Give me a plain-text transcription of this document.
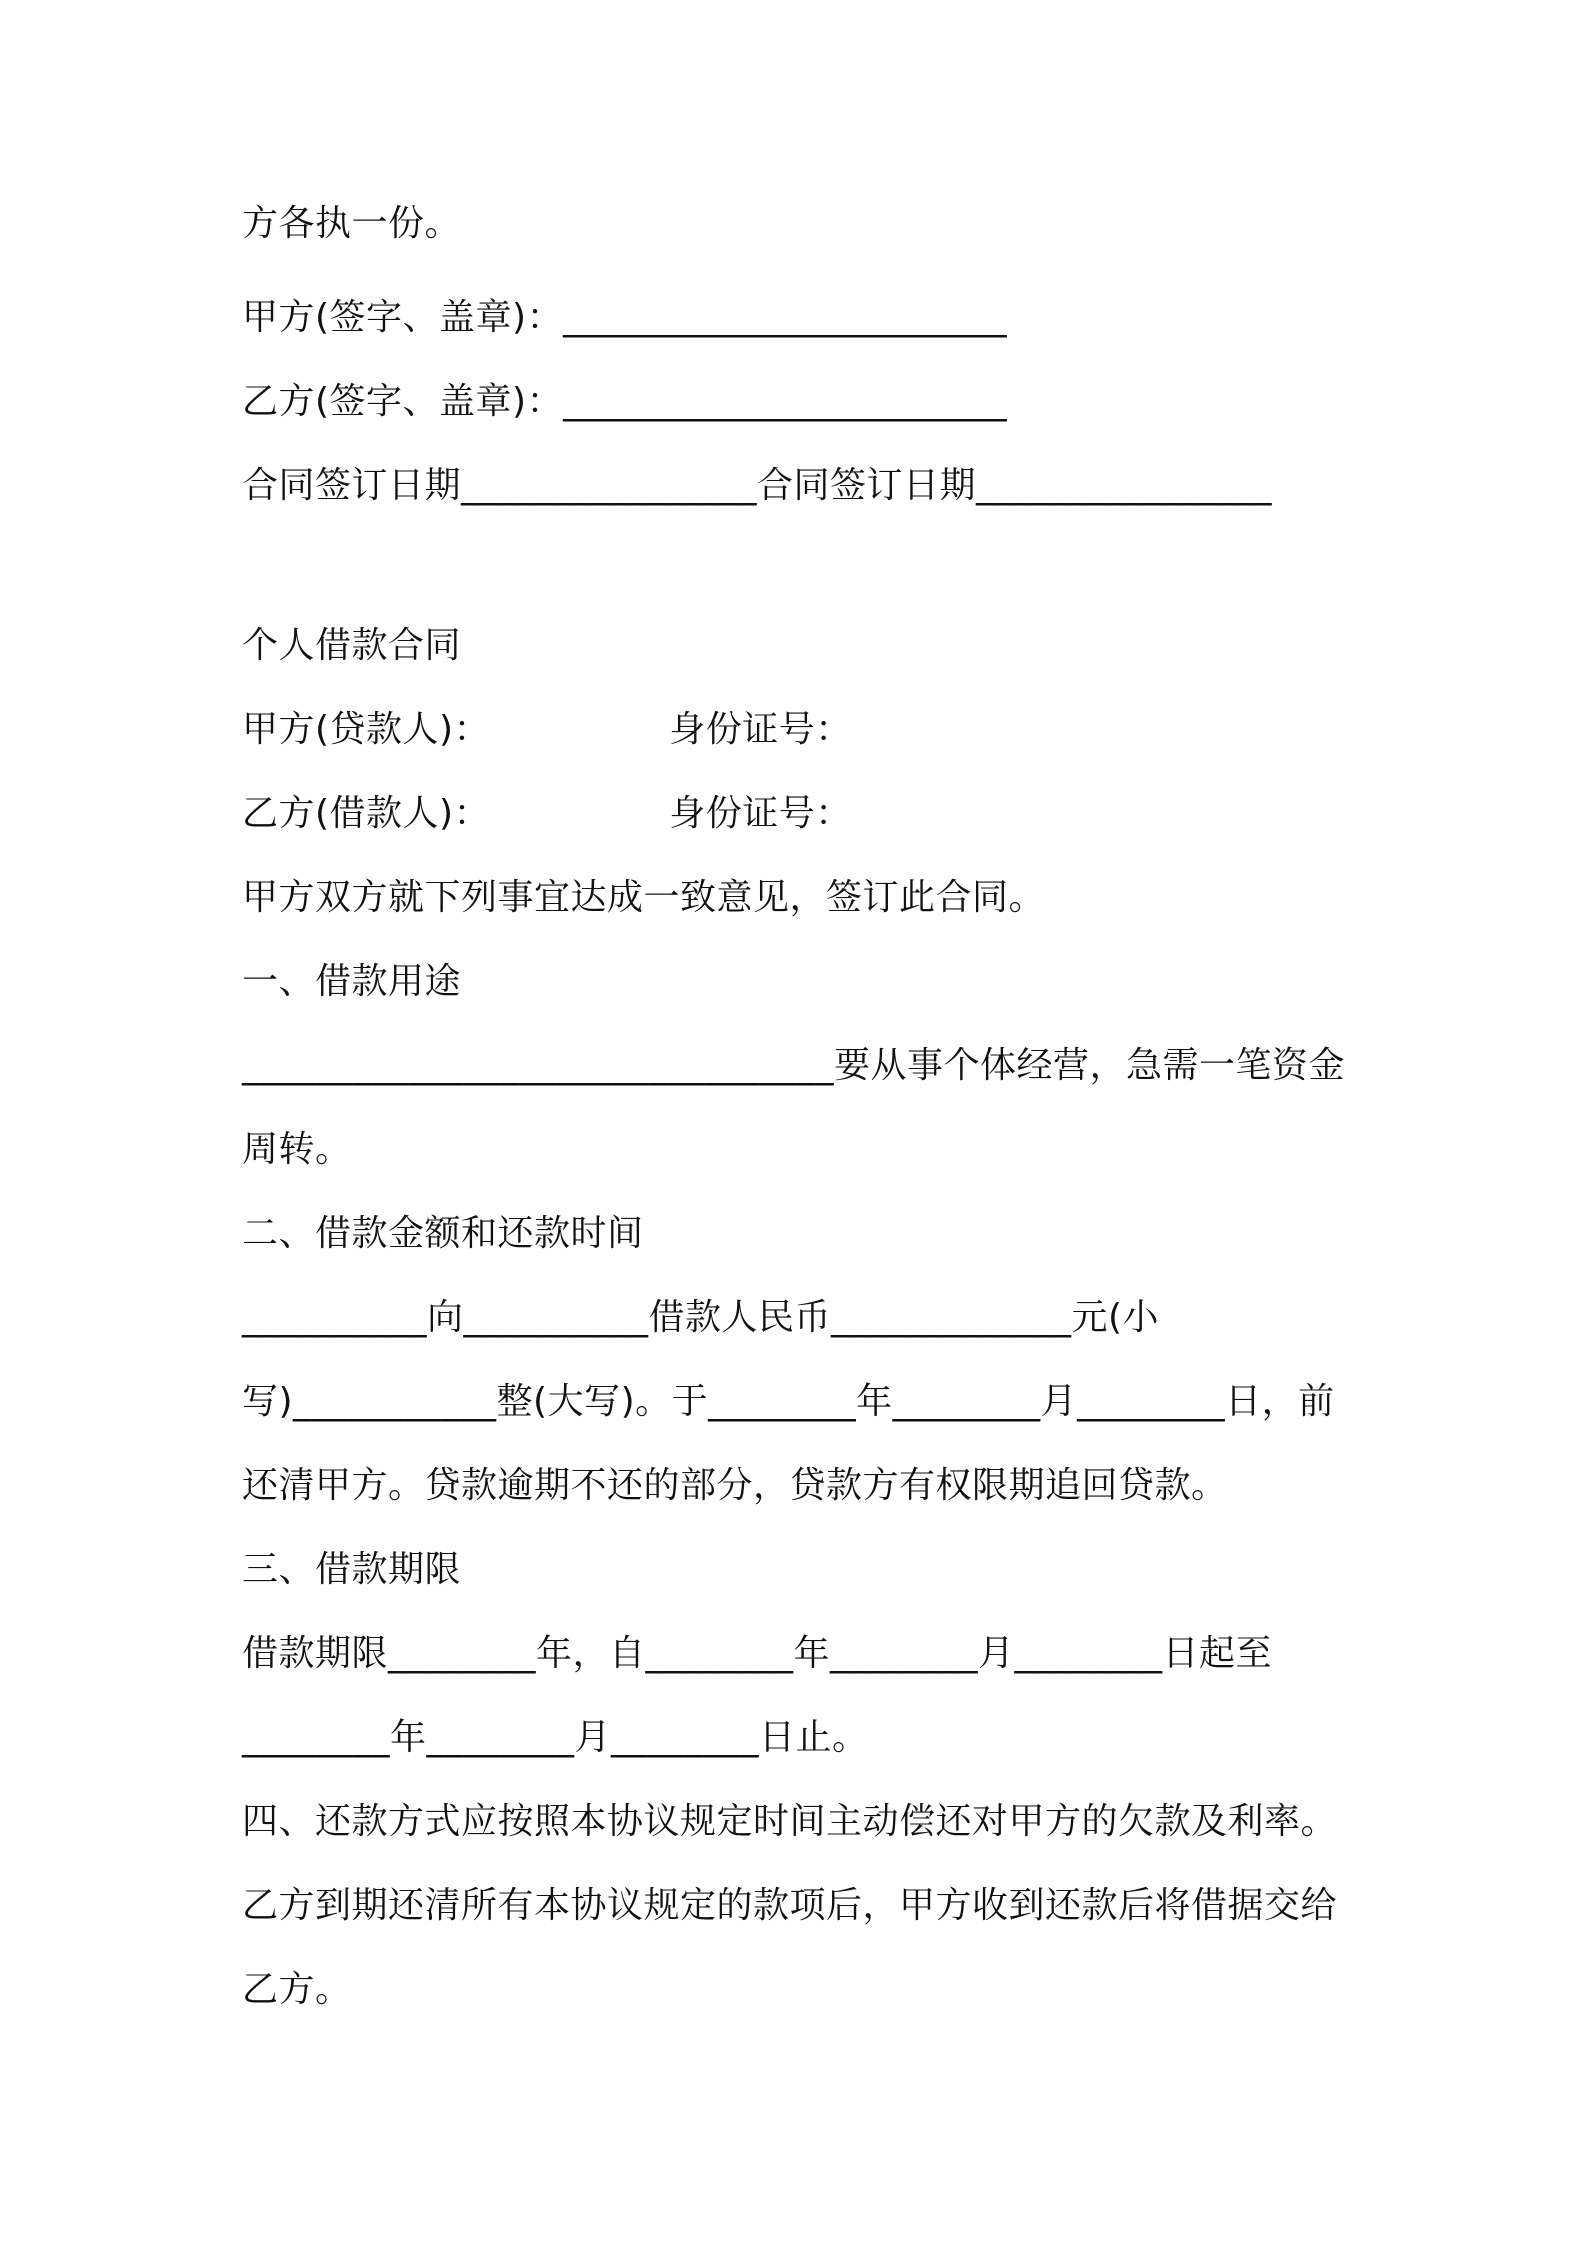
方各执一份。
甲方(签字、盖章)：________________________
乙方(签字、盖章)：________________________
合同签订日期________________合同签订日期________________
个人借款合同
甲方(贷款人)：               身份证号：
乙方(借款人)：               身份证号：
甲方双方就下列事宜达成一致意见，签订此合同。
一、借款用途
________________________________要从事个体经营，急需一笔资金
周转。
二、借款金额和还款时间
__________向__________借款人民币_____________元(小
写)___________整(大写)。于________年________月________日，前
还清甲方。贷款逾期不还的部分，贷款方有权限期追回贷款。
三、借款期限
借款期限________年，自________年________月________日起至
________年________月________日止。
四、还款方式应按照本协议规定时间主动偿还对甲方的欠款及利率。
乙方到期还清所有本协议规定的款项后，甲方收到还款后将借据交给
乙方。
